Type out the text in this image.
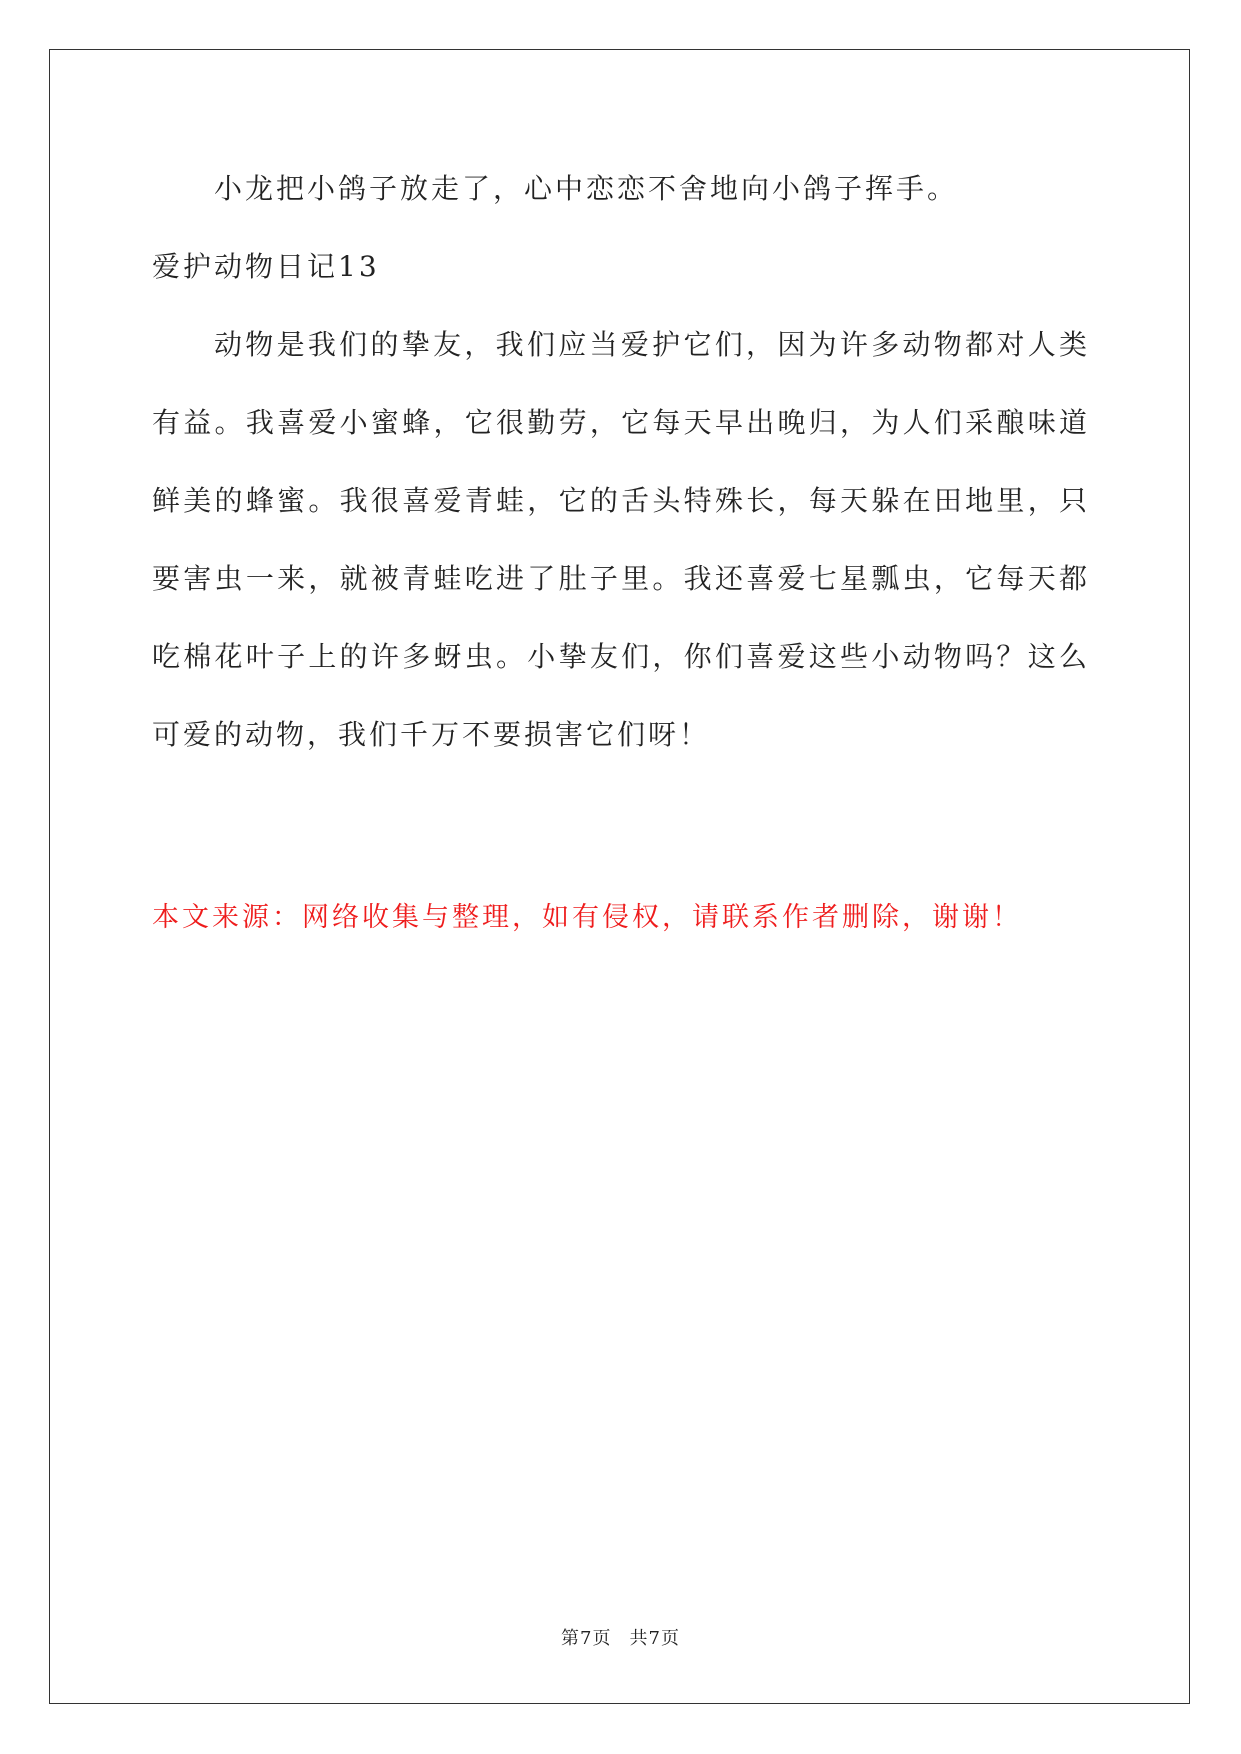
小龙把小鸽子放走了，心中恋恋不舍地向小鸽子挥手。

爱护动物日记13

动物是我们的挚友，我们应当爱护它们，因为许多动物都对人类有益。我喜爱小蜜蜂，它很勤劳，它每天早出晚归，为人们采酿味道鲜美的蜂蜜。我很喜爱青蛙，它的舌头特殊长，每天躲在田地里，只要害虫一来，就被青蛙吃进了肚子里。我还喜爱七星瓢虫，它每天都吃棉花叶子上的许多蚜虫。小挚友们，你们喜爱这些小动物吗？这么可爱的动物，我们千万不要损害它们呀！

本文来源：网络收集与整理，如有侵权，请联系作者删除，谢谢！

第7页 共7页
